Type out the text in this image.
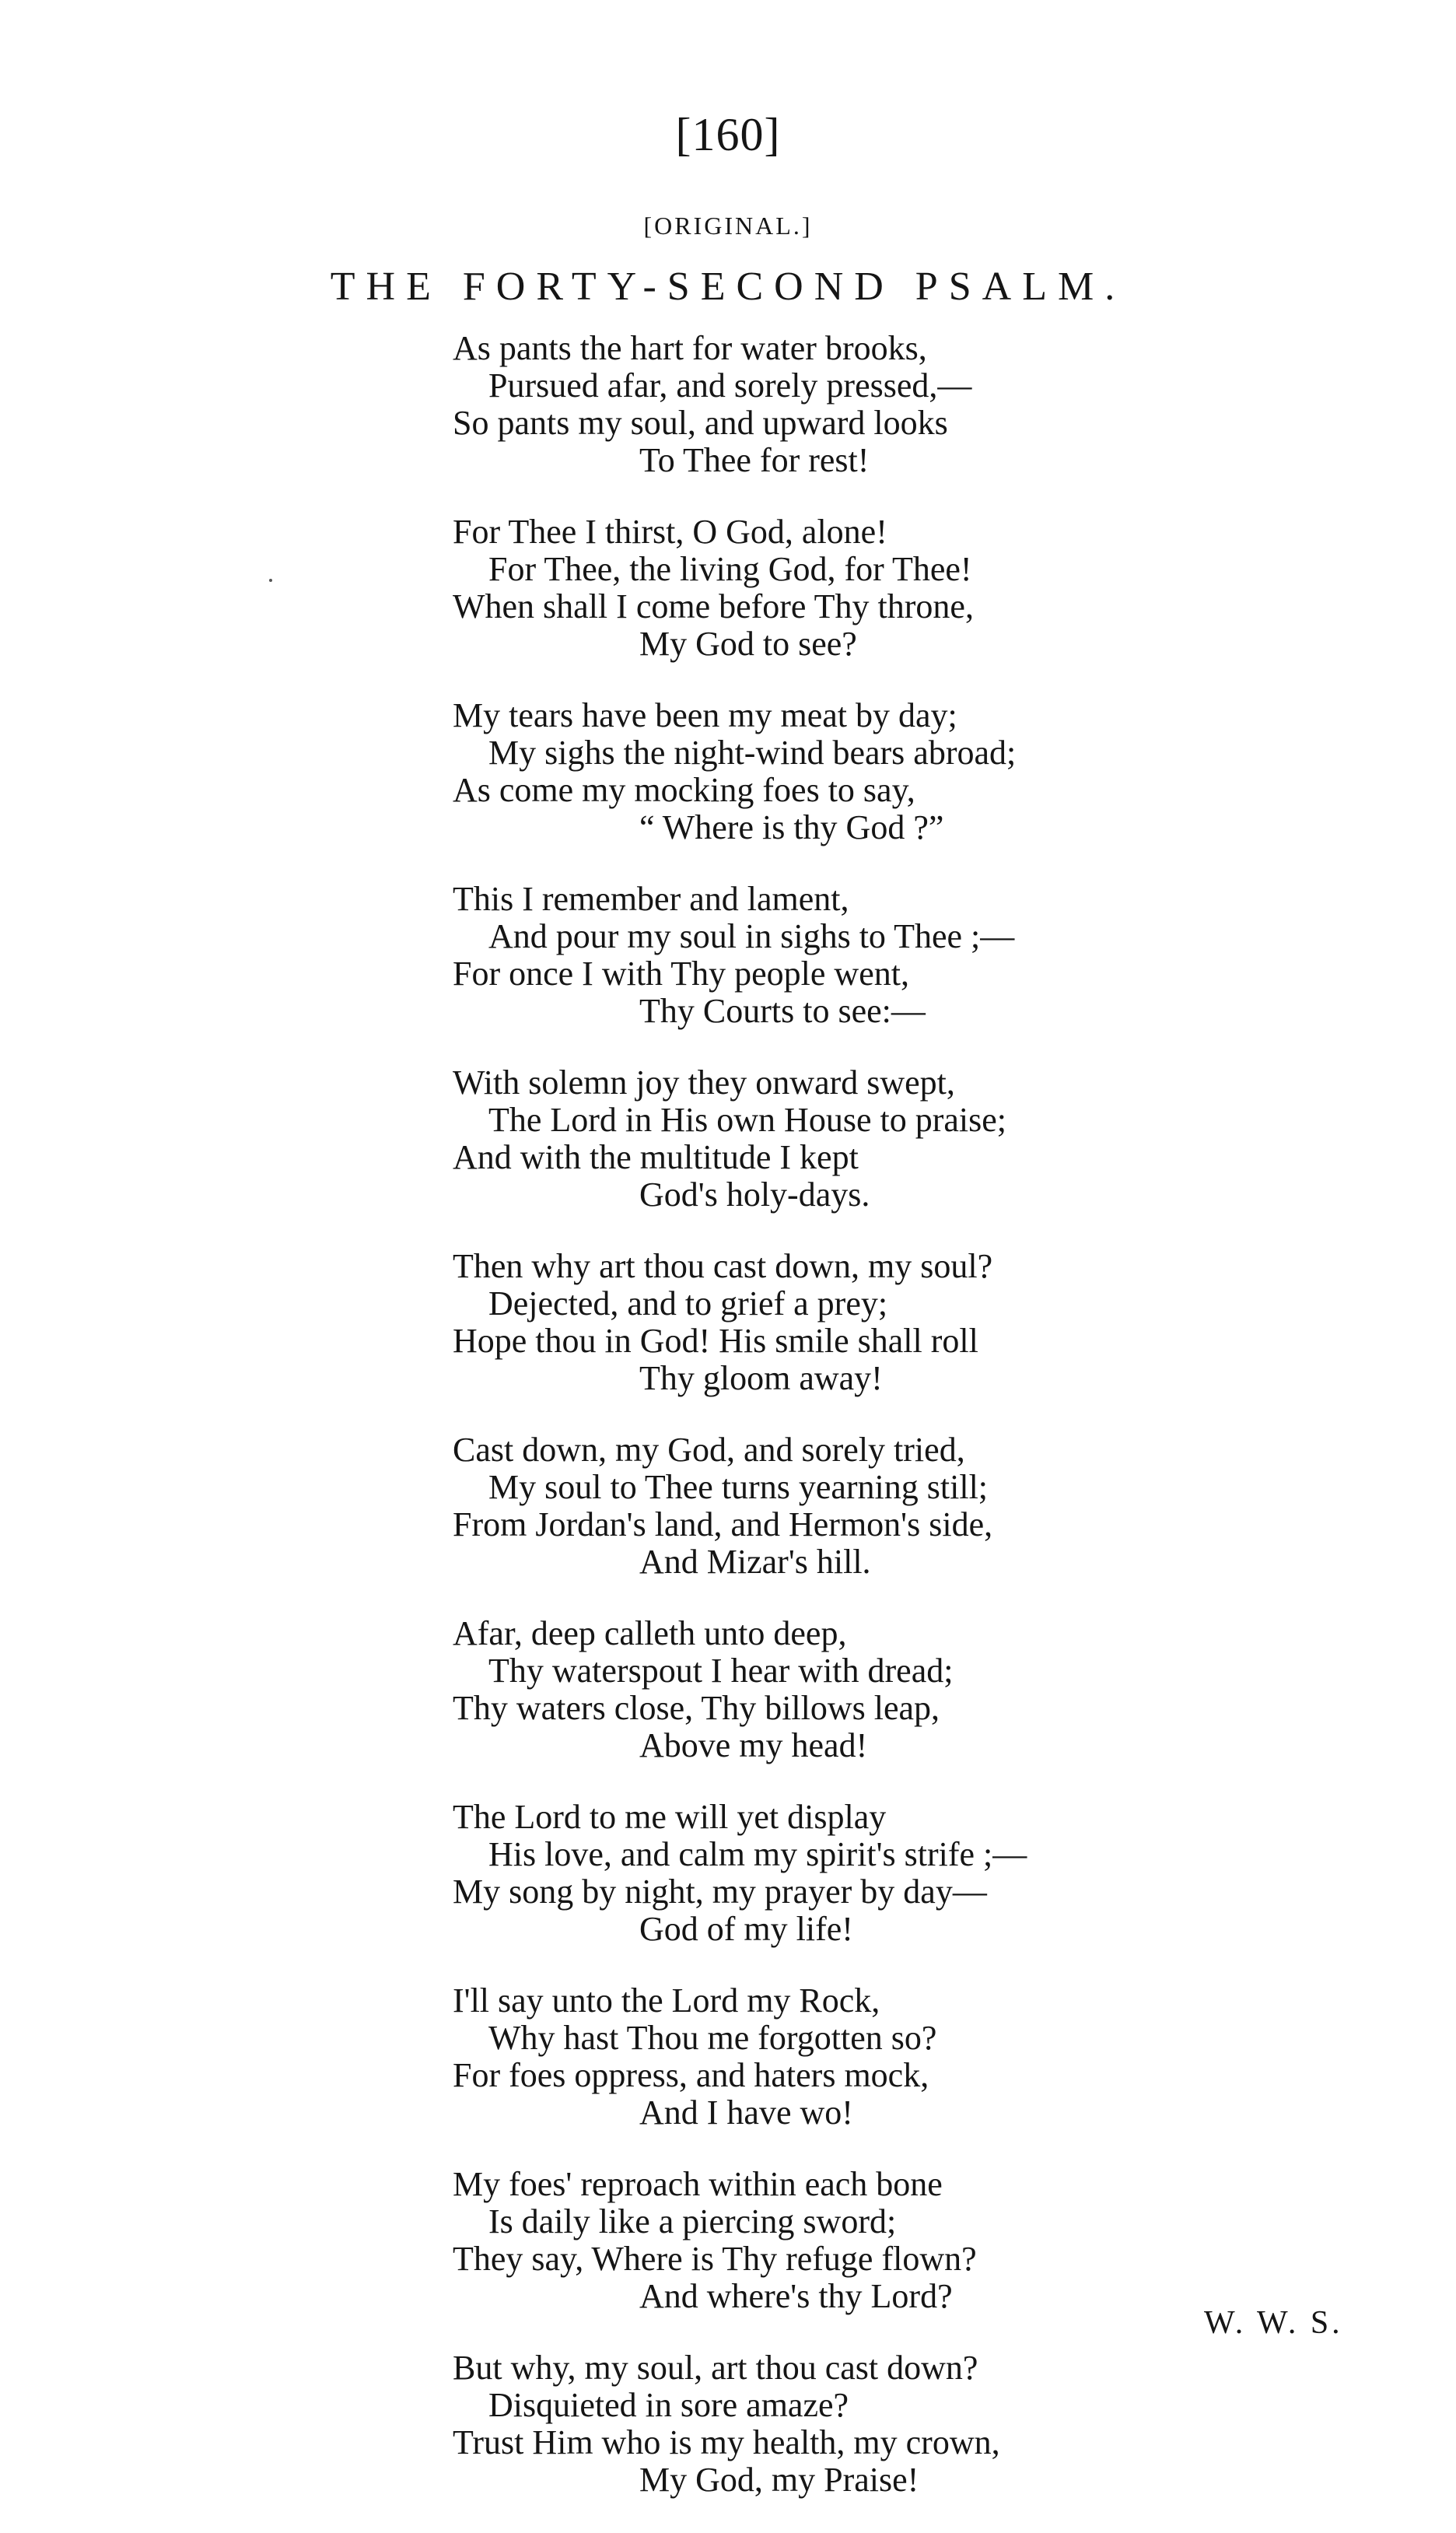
[160]
[ORIGINAL.]
THE FORTY-SECOND PSALM.
As pants the hart for water brooks,
Pursued afar, and sorely pressed,—
So pants my soul, and upward looks
To Thee for rest!
For Thee I thirst, O God, alone!
For Thee, the living God, for Thee!
When shall I come before Thy throne,
My God to see?
My tears have been my meat by day;
My sighs the night-wind bears abroad;
As come my mocking foes to say,
“ Where is thy God ?”
This I remember and lament,
And pour my soul in sighs to Thee ;—
For once I with Thy people went,
Thy Courts to see:—
With solemn joy they onward swept,
The Lord in His own House to praise;
And with the multitude I kept
God's holy-days.
Then why art thou cast down, my soul?
Dejected, and to grief a prey;
Hope thou in God! His smile shall roll
Thy gloom away!
Cast down, my God, and sorely tried,
My soul to Thee turns yearning still;
From Jordan's land, and Hermon's side,
And Mizar's hill.
Afar, deep calleth unto deep,
Thy waterspout I hear with dread;
Thy waters close, Thy billows leap,
Above my head!
The Lord to me will yet display
His love, and calm my spirit's strife ;—
My song by night, my prayer by day—
God of my life!
I'll say unto the Lord my Rock,
Why hast Thou me forgotten so?
For foes oppress, and haters mock,
And I have wo!
My foes' reproach within each bone
Is daily like a piercing sword;
They say, Where is Thy refuge flown?
And where's thy Lord?
But why, my soul, art thou cast down?
Disquieted in sore amaze?
Trust Him who is my health, my crown,
My God, my Praise!
W. W. S.
